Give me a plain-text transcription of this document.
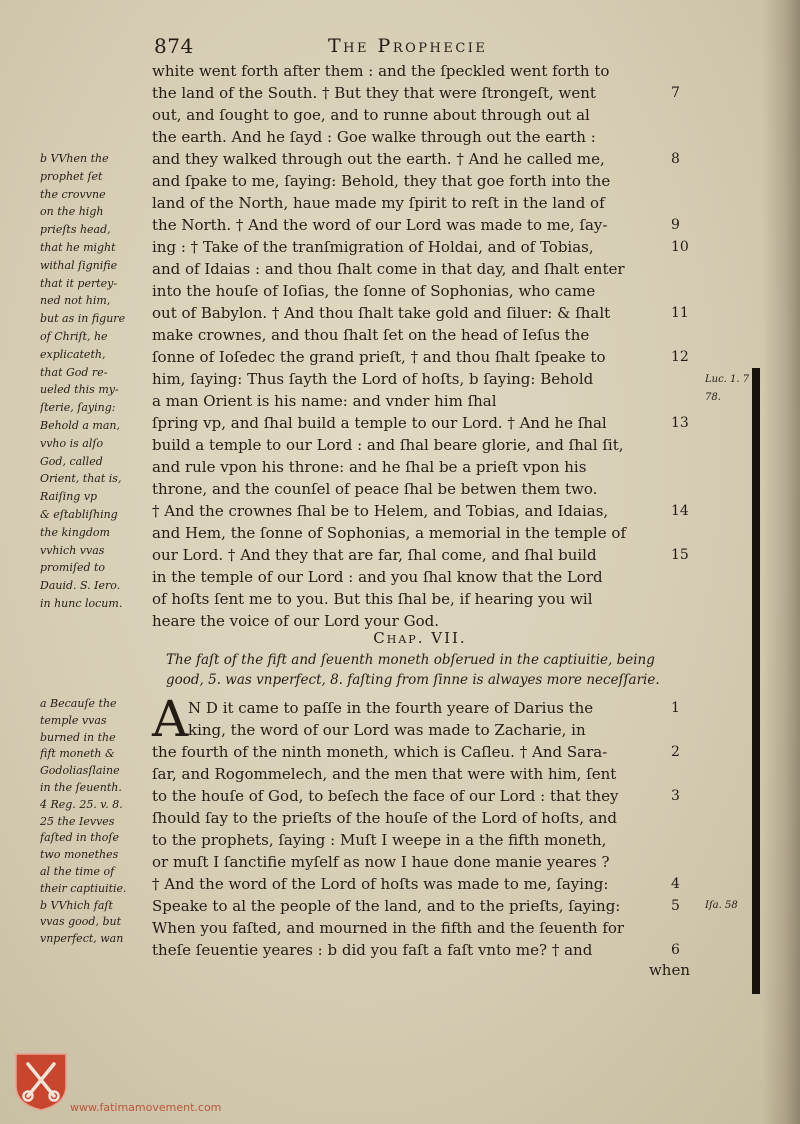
874	The Prophecie
white went forth after them : and the ſpeckled went forth to
the land of the South. † But they that were ſtrongeſt, went
out, and ſought to goe, and to runne about through out al
the earth. And he ſayd : Goe walke through out the earth :
and they walked through out the earth. † And he called me,
and ſpake to me, ſaying: Behold, they that goe forth into the
land of the North, haue made my ſpirit to reſt in the land of
the North. † And the word of our Lord was made to me, ſay-
ing : † Take of the tranſmigration of Holdai, and of Tobias,
and of Idaias : and thou ſhalt come in that day, and ſhalt enter
into the houſe of Ioſias, the ſonne of Sophonias, who came
out of Babylon. † And thou ſhalt take gold and ſiluer: & ſhalt
make crownes, and thou ſhalt ſet on the head of Ieſus the
ſonne of Ioſedec the grand prieſt, † and thou ſhalt ſpeake to
him, ſaying: Thus ſayth the Lord of hoſts, b ſaying: Behold
a man Orient is his name: and vnder him ſhal
ſpring vp, and ſhal build a temple to our Lord. † And he ſhal
build a temple to our Lord : and ſhal beare glorie, and ſhal ſit,
and rule vpon his throne: and he ſhal be a prieſt vpon his
throne, and the counſel of peace ſhal be betwen them two.
† And the crownes ſhal be to Helem, and Tobias, and Idaias,
and Hem, the ſonne of Sophonias, a memorial in the temple of
our Lord. † And they that are far, ſhal come, and ſhal build
in the temple of our Lord : and you ſhal know that the Lord
of hoſts ſent me to you. But this ſhal be, if hearing you wil
heare the voice of our Lord your God.
7
8
9
10
11
12
13
14
15
b VVhen the
prophet ſet
the crovvne
on the high
prieſts head,
that he might
withal ſignifie
that it pertey-
ned not him,
but as in figure
of Chriſt, he
explicateth,
that God re-
ueled this my-
ſterie, ſaying:
Behold a man,
vvho is alſo
God, called
Orient, that is,
Raiſing vp
& eſtabliſhing
the kingdom
vvhich vvas
promiſed to
Dauid. S. Iero.
in hunc locum.
Luc. 1. 7
78.
Chap. VII.
The faſt of the fift and ſeuenth moneth obſerued in the captiuitie, being
good, 5. was vnperfect, 8. faſting from ſinne is alwayes more neceſſarie.
A N D it came to paſſe in the fourth yeare of Darius the
king, the word of our Lord was made to Zacharie, in
the fourth of the ninth moneth, which is Caſleu. † And Sara-
ſar, and Rogommelech, and the men that were with him, ſent
to the houſe of God, to beſech the face of our Lord : that they
ſhould ſay to the prieſts of the houſe of the Lord of hoſts, and
to the prophets, ſaying : Muſt I weepe in a the fifth moneth,
or muſt I ſanctifie myſelf as now I haue done manie yeares ?
† And the word of the Lord of hoſts was made to me, ſaying:
Speake to al the people of the land, and to the prieſts, ſaying:
When you faſted, and mourned in the fifth and the ſeuenth for
theſe ſeuentie yeares : b did you faſt a faſt vnto me? † and
1
2
3
4
5
6
a Becauſe the
temple vvas
burned in the
fift moneth &
Godoliasſlaine
in the ſeuenth.
4 Reg. 25. v. 8.
25 the Ievves
faſted in thoſe
two monethes
al the time of
their captiuitie.
b VVhich faſt
vvas good, but
vnperfect, wan
Iſa. 58
when
www.fatimamovement.com
